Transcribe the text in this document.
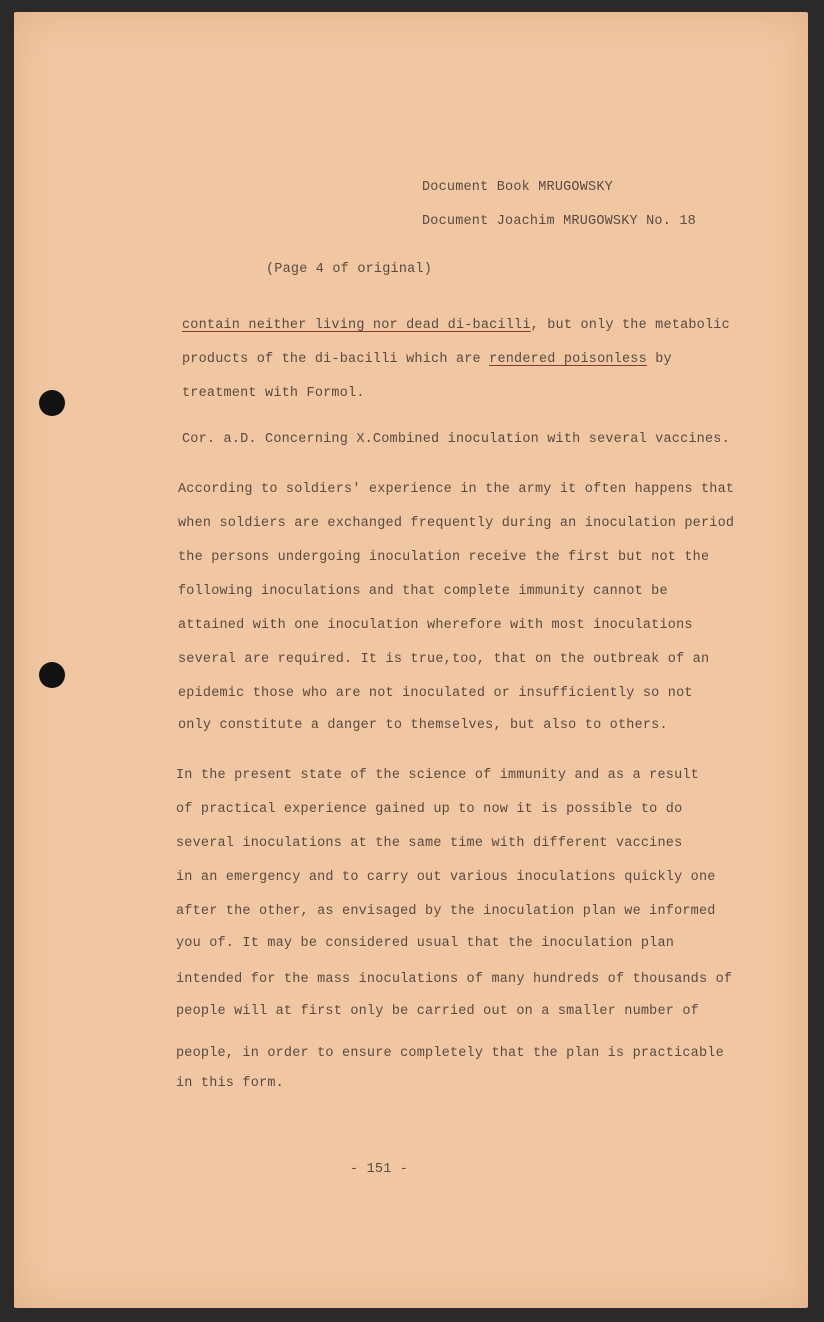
Document Book MRUGOWSKY

Document Joachim MRUGOWSKY No. 18

(Page 4 of original)

contain neither living nor dead di-bacilli, but only the metabolic

products of the di-bacilli which are rendered poisonless by

treatment with Formol.

Cor. a.D. Concerning X.Combined inoculation with several vaccines.

According to soldiers' experience in the army it often happens that

when soldiers are exchanged frequently during an inoculation period

the persons undergoing inoculation receive the first but not the

following inoculations and that complete immunity cannot be

attained with one inoculation wherefore with most inoculations

several are required. It is true,too, that on the outbreak of an

epidemic those who are not inoculated or insufficiently so not

only constitute a danger to themselves, but also to others.

In the present state of the science of immunity and as a result

of practical experience gained up to now it is possible to do

several inoculations at the same time with different vaccines

in an emergency and to carry out various inoculations quickly one

after the other, as envisaged by the inoculation plan we informed

you of. It may be considered usual that the inoculation plan

intended for the mass inoculations of many hundreds of thousands of

people will at first only be carried out on a smaller number of

people, in order to ensure completely that the plan is practicable

in this form.

- 151 -
